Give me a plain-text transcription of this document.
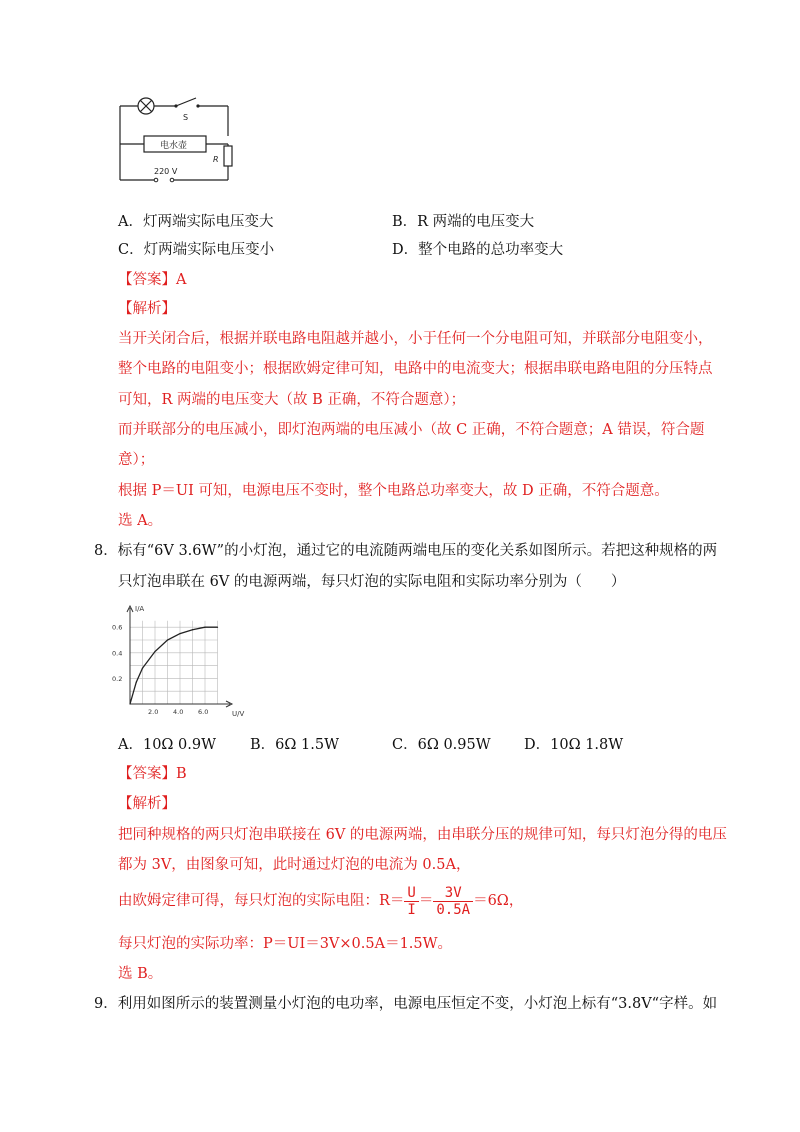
S
电水壶
R
220 V
A．灯两端实际电压变大	B．R 两端的电压变大
C．灯两端实际电压变小	D．整个电路的总功率变大
【答案】A
【解析】
当开关闭合后，根据并联电路电阻越并越小，小于任何一个分电阻可知，并联部分电阻变小，
整个电路的电阻变小；根据欧姆定律可知，电路中的电流变大；根据串联电路电阻的分压特点
可知，R 两端的电压变大（故 B 正确，不符合题意）；
而并联部分的电压减小，即灯泡两端的电压减小（故 C 正确，不符合题意；A 错误，符合题
意）；
根据 P＝UI 可知，电源电压不变时，整个电路总功率变大，故 D 正确，不符合题意。
选 A。
8．标有“6V 3.6W”的小灯泡，通过它的电流随两端电压的变化关系如图所示。若把这种规格的两
只灯泡串联在 6V 的电源两端，每只灯泡的实际电阻和实际功率分别为（　　）
I/A
U/V
2.0 4.0 6.0
0.2
0.4
0.6
A．10Ω 0.9W B．6Ω 1.5W	C．6Ω 0.95W D．10Ω 1.8W
【答案】B
【解析】
把同种规格的两只灯泡串联接在 6V 的电源两端，由串联分压的规律可知，每只灯泡分得的电压
都为 3V，由图象可知，此时通过灯泡的电流为 0.5A，
由欧姆定律可得，每只灯泡的实际电阻：$R= \frac{U}{I} = \frac{3V}{0.5A} =6\Omega$，
每只灯泡的实际功率：P＝UI＝3V×0.5A＝1.5W。
选 B。
9．利用如图所示的装置测量小灯泡的电功率，电源电压恒定不变，小灯泡上标有“3.8V“字样。如
